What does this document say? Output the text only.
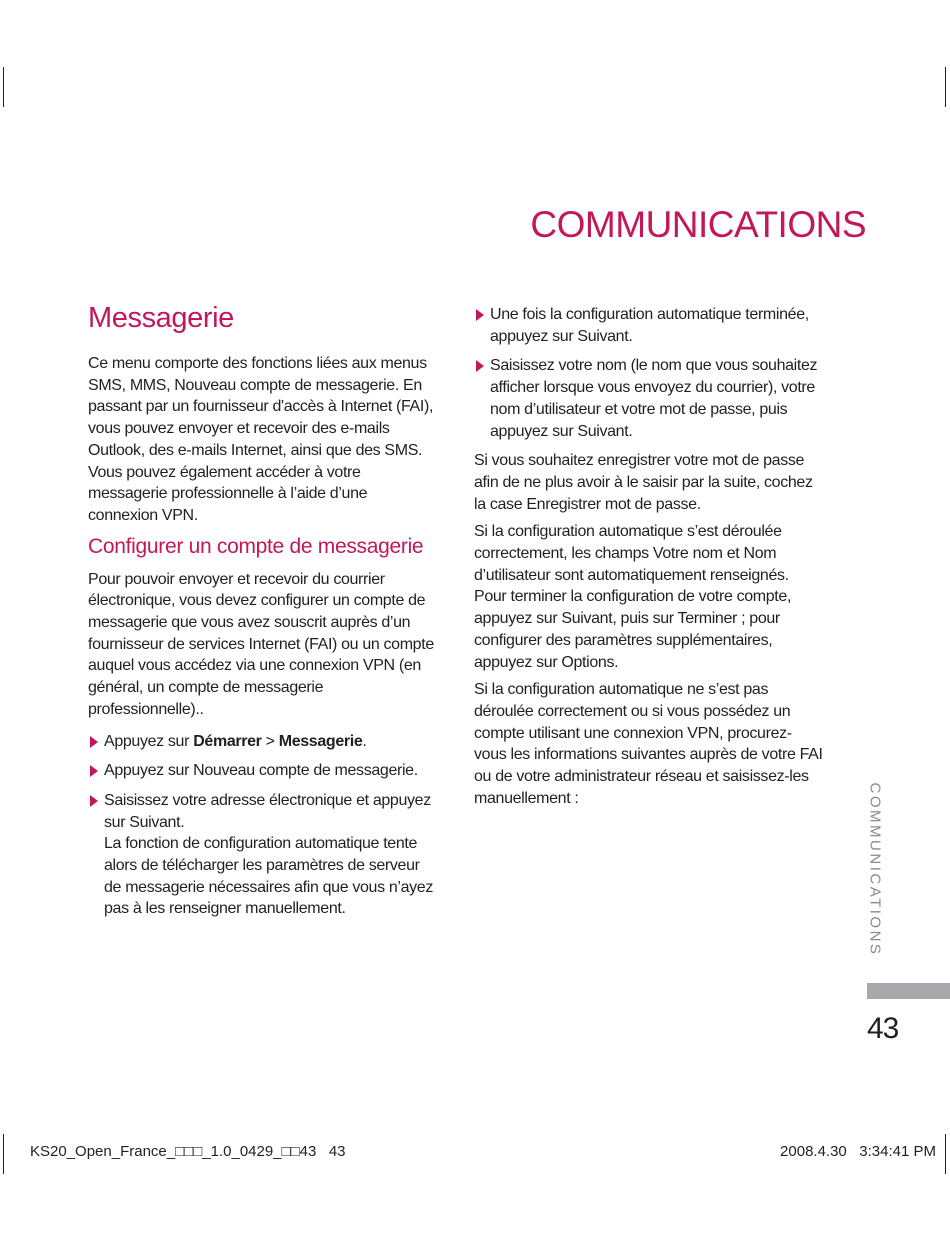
COMMUNICATIONS
Messagerie

Ce menu comporte des fonctions liées aux menus SMS, MMS, Nouveau compte de messagerie. En passant par un fournisseur d'accès à Internet (FAI), vous pouvez envoyer et recevoir des e-mails Outlook, des e-mails Internet, ainsi que des SMS. Vous pouvez également accéder à votre messagerie professionnelle à l’aide d’une connexion VPN.

Configurer un compte de messagerie

Pour pouvoir envoyer et recevoir du courrier électronique, vous devez configurer un compte de messagerie que vous avez souscrit auprès d’un fournisseur de services Internet (FAI) ou un compte auquel vous accédez via une connexion VPN (en général, un compte de messagerie professionnelle)..

Appuyez sur Démarrer > Messagerie.
Appuyez sur Nouveau compte de messagerie.
Saisissez votre adresse électronique et appuyez sur Suivant.
La fonction de configuration automatique tente alors de télécharger les paramètres de serveur de messagerie nécessaires afin que vous n’ayez pas à les renseigner manuellement.
Une fois la configuration automatique terminée, appuyez sur Suivant.
Saisissez votre nom (le nom que vous souhaitez afficher lorsque vous envoyez du courrier), votre nom d’utilisateur et votre mot de passe, puis appuyez sur Suivant.

Si vous souhaitez enregistrer votre mot de passe afin de ne plus avoir à le saisir par la suite, cochez la case Enregistrer mot de passe.

Si la configuration automatique s’est déroulée correctement, les champs Votre nom et Nom d’utilisateur sont automatiquement renseignés. Pour terminer la configuration de votre compte, appuyez sur Suivant, puis sur Terminer ; pour configurer des paramètres supplémentaires, appuyez sur Options.

Si la configuration automatique ne s’est pas déroulée correctement ou si vous possédez un compte utilisant une connexion VPN, procurez-vous les informations suivantes auprès de votre FAI ou de votre administrateur réseau et saisissez-les manuellement :	COMMUNICATIONS
43
KS20_Open_France_□□□_1.0_0429_□□43   43	2008.4.30   3:34:41 PM
